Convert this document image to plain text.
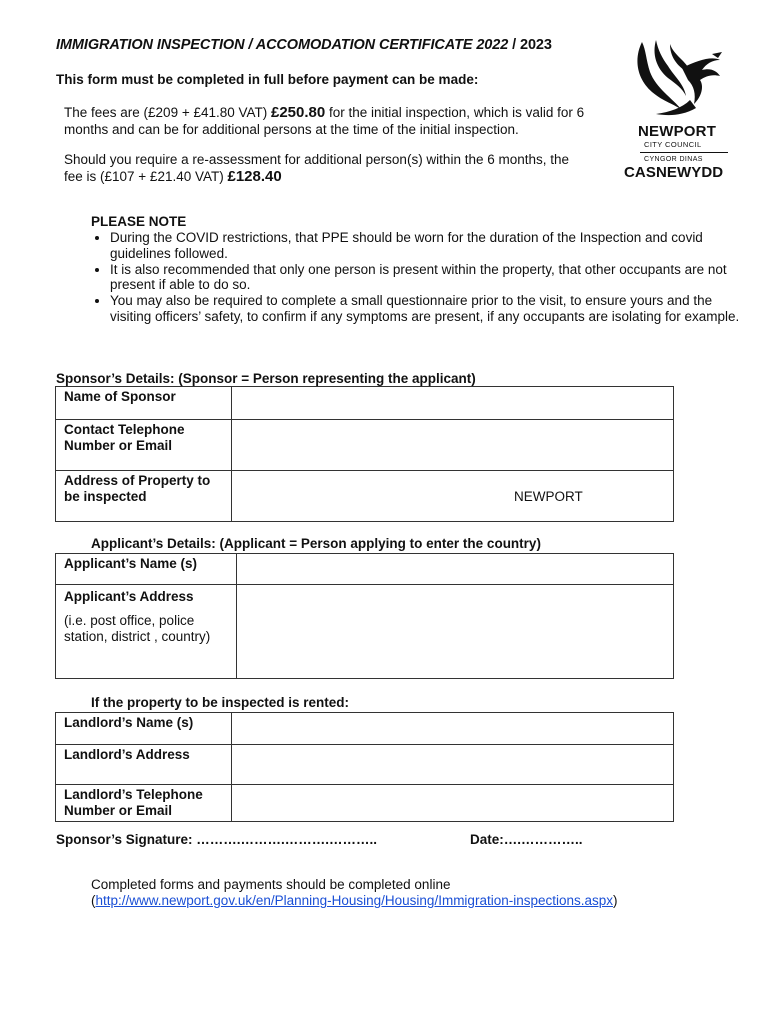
IMMIGRATION INSPECTION / ACCOMODATION CERTIFICATE 2022 / 2023
This form must be completed in full before payment can be made:
The fees are (£209 + £41.80 VAT) £250.80 for the initial inspection, which is valid for 6 months and can be for additional persons at the time of the initial inspection.
Should you require a re-assessment for additional person(s) within the 6 months, the fee is (£107 + £21.40 VAT) £128.40
NEWPORT
CITY COUNCIL
CYNGOR DINAS
CASNEWYDD
PLEASE NOTE
• During the COVID restrictions, that PPE should be worn for the duration of the Inspection and covid guidelines followed.
• It is also recommended that only one person is present within the property, that other occupants are not present if able to do so.
• You may also be required to complete a small questionnaire prior to the visit, to ensure yours and the visiting officers’ safety, to confirm if any symptoms are present, if any occupants are isolating for example.
Sponsor’s Details: (Sponsor = Person representing the applicant)
Name of Sponsor	
Contact Telephone Number or Email	
Address of Property to be inspected	NEWPORT
Applicant’s Details: (Applicant = Person applying to enter the country)
Applicant’s Name (s)	

Applicant’s Address
(i.e. post office, police station, district , country)	

If the property to be inspected is rented:
Landlord’s Name (s)	
Landlord’s Address	
Landlord’s Telephone Number or Email	
Sponsor’s Signature: ……….……….……….………..	Date:….…………..
Completed forms and payments should be completed online
(http://www.newport.gov.uk/en/Planning-Housing/Housing/Immigration-inspections.aspx)
